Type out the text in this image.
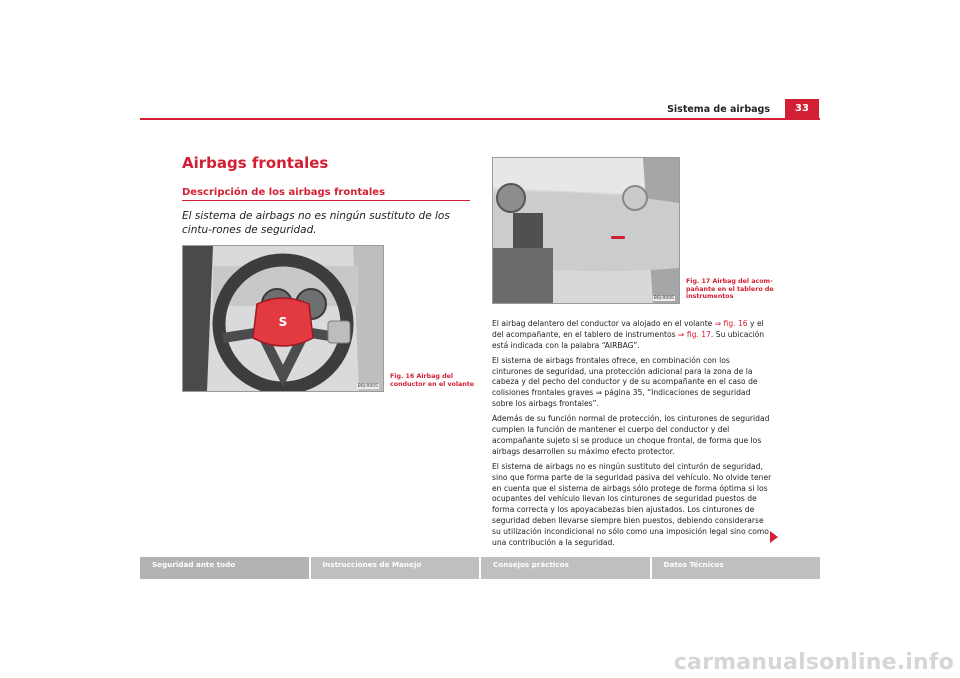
Sistema de airbags	33
Airbags frontales
Descripción de los airbags frontales
El sistema de airbags no es ningún sustituto de los cintu-rones de seguridad.
S
B6J-0005
Fig. 16 Airbag del conductor en el volante
B6J-0006
Fig. 17 Airbag del acom-pañante en el tablero de instrumentos

El airbag delantero del conductor va alojado en el volante ⇒ fig. 16 y el del acompañante, en el tablero de instrumentos ⇒ fig. 17. Su ubicación está indicada con la palabra “AIRBAG”.

El sistema de airbags frontales ofrece, en combinación con los cinturones de seguridad, una protección adicional para la zona de la cabeza y del pecho del conductor y de su acompañante en el caso de colisiones frontales graves ⇒ página 35, “Indicaciones de seguridad sobre los airbags frontales”.

Además de su función normal de protección, los cinturones de seguridad cumplen la función de mantener el cuerpo del conductor y del acompañante sujeto si se produce un choque frontal, de forma que los airbags desarrollen su máximo efecto protector.

El sistema de airbags no es ningún sustituto del cinturón de seguridad, sino que forma parte de la seguridad pasiva del vehículo. No olvide tener en cuenta que el sistema de airbags sólo protege de forma óptima si los ocupantes del vehículo llevan los cinturones de seguridad puestos de forma correcta y los apoyacabezas bien ajustados. Los cinturones de seguridad deben llevarse siempre bien puestos, debiendo considerarse su utilización incondicional no sólo como una imposición legal sino como una contribución a la seguridad.

Seguridad ante todo	Instrucciones de Manejo	Consejos prácticos	Datos Técnicos
carmanualsonline.info
